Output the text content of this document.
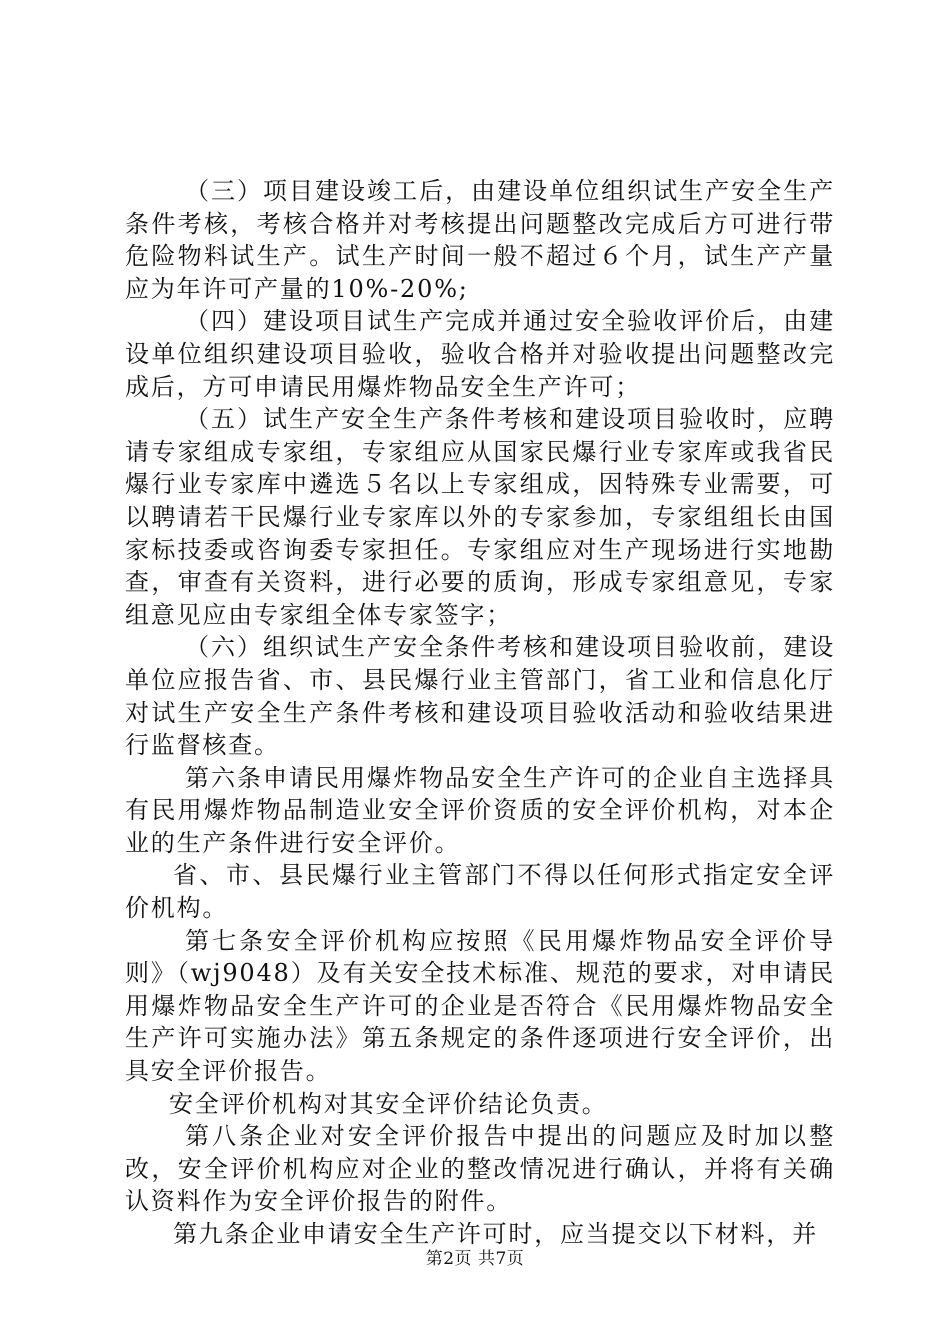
（三）项目建设竣工后，由建设单位组织试生产安全生产条件考核，考核合格并对考核提出问题整改完成后方可进行带危险物料试生产。试生产时间一般不超过６个月，试生产产量应为年许可产量的10%-20%;

（四）建设项目试生产完成并通过安全验收评价后，由建设单位组织建设项目验收，验收合格并对验收提出问题整改完成后，方可申请民用爆炸物品安全生产许可；

（五）试生产安全生产条件考核和建设项目验收时，应聘请专家组成专家组，专家组应从国家民爆行业专家库或我省民爆行业专家库中遴选５名以上专家组成，因特殊专业需要，可以聘请若干民爆行业专家库以外的专家参加，专家组组长由国家标技委或咨询委专家担任。专家组应对生产现场进行实地勘查，审查有关资料，进行必要的质询，形成专家组意见，专家组意见应由专家组全体专家签字；

（六）组织试生产安全条件考核和建设项目验收前，建设单位应报告省、市、县民爆行业主管部门，省工业和信息化厅对试生产安全生产条件考核和建设项目验收活动和验收结果进行监督核查。

第六条申请民用爆炸物品安全生产许可的企业自主选择具有民用爆炸物品制造业安全评价资质的安全评价机构，对本企业的生产条件进行安全评价。

省、市、县民爆行业主管部门不得以任何形式指定安全评价机构。

第七条安全评价机构应按照《民用爆炸物品安全评价导则》（wj9048）及有关安全技术标准、规范的要求，对申请民用爆炸物品安全生产许可的企业是否符合《民用爆炸物品安全生产许可实施办法》第五条规定的条件逐项进行安全评价，出具安全评价报告。

安全评价机构对其安全评价结论负责。

第八条企业对安全评价报告中提出的问题应及时加以整改，安全评价机构应对企业的整改情况进行确认，并将有关确认资料作为安全评价报告的附件。

第九条企业申请安全生产许可时，应当提交以下材料，并

第2页 共7页
